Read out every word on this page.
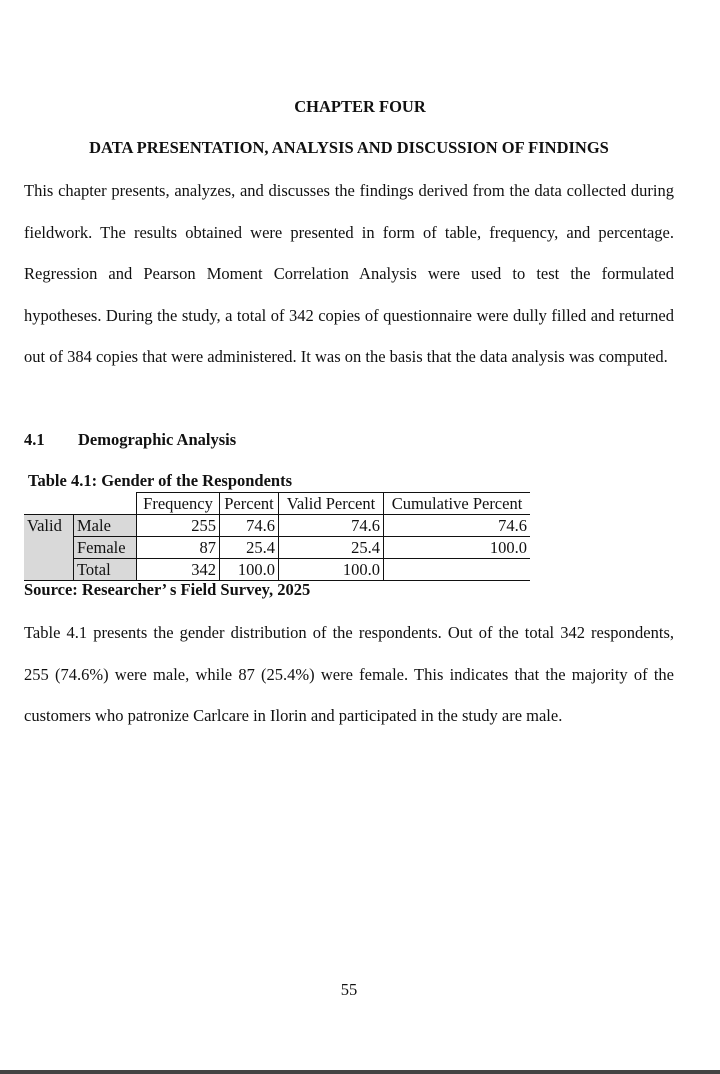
CHAPTER FOUR
DATA PRESENTATION, ANALYSIS AND DISCUSSION OF FINDINGS

This chapter presents, analyzes, and discusses the findings derived from the data collected during fieldwork. The results obtained were presented in form of table, frequency, and percentage. Regression and Pearson Moment Correlation Analysis were used to test the formulated hypotheses. During the study, a total of 342 copies of questionnaire were dully filled and returned out of 384 copies that were administered. It was on the basis that the data analysis was computed.

4.1 Demographic Analysis
Table 4.1: Gender of the Respondents
		Frequency	Percent	Valid Percent	Cumulative Percent
Valid	Male	255	74.6	74.6	74.6
	Female	87	25.4	25.4	100.0
	Total	342	100.0	100.0	
Source: Researcher’ s Field Survey, 2025

Table 4.1 presents the gender distribution of the respondents. Out of the total 342 respondents, 255 (74.6%) were male, while 87 (25.4%) were female. This indicates that the majority of the customers who patronize Carlcare in Ilorin and participated in the study are male.

55
